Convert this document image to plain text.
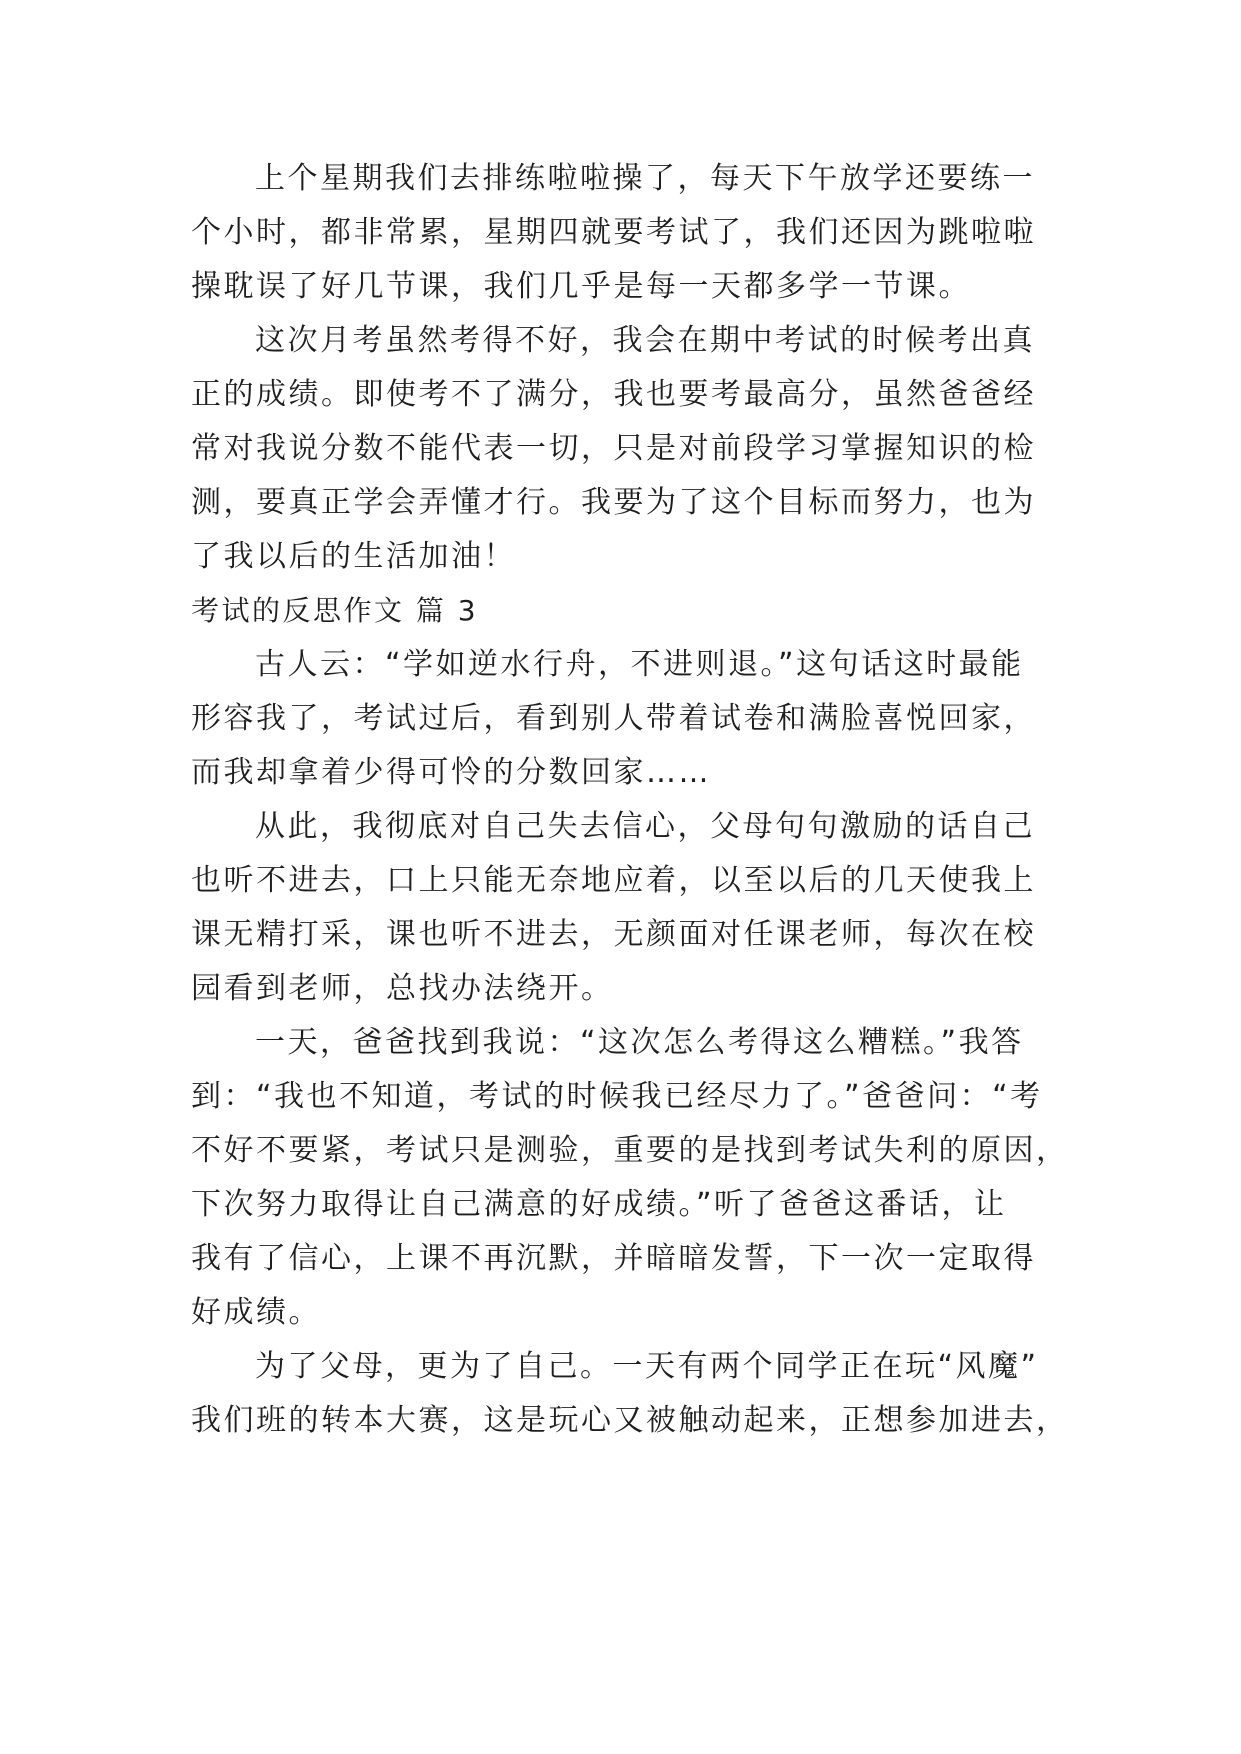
上个星期我们去排练啦啦操了，每天下午放学还要练一
个小时，都非常累，星期四就要考试了，我们还因为跳啦啦
操耽误了好几节课，我们几乎是每一天都多学一节课。
这次月考虽然考得不好，我会在期中考试的时候考出真
正的成绩。即使考不了满分，我也要考最高分，虽然爸爸经
常对我说分数不能代表一切，只是对前段学习掌握知识的检
测，要真正学会弄懂才行。我要为了这个目标而努力，也为
了我以后的生活加油！
考试的反思作文 篇 3
古人云：“学如逆水行舟，不进则退。”这句话这时最能
形容我了，考试过后，看到别人带着试卷和满脸喜悦回家，
而我却拿着少得可怜的分数回家……
从此，我彻底对自己失去信心，父母句句激励的话自己
也听不进去，口上只能无奈地应着，以至以后的几天使我上
课无精打采，课也听不进去，无颜面对任课老师，每次在校
园看到老师，总找办法绕开。
一天，爸爸找到我说：“这次怎么考得这么糟糕。”我答
到：“我也不知道，考试的时候我已经尽力了。”爸爸问：“考
不好不要紧，考试只是测验，重要的是找到考试失利的原因，
下次努力取得让自己满意的好成绩。”听了爸爸这番话，让
我有了信心，上课不再沉默，并暗暗发誓，下一次一定取得
好成绩。
为了父母，更为了自己。一天有两个同学正在玩“风魔”
我们班的转本大赛，这是玩心又被触动起来，正想参加进去，
